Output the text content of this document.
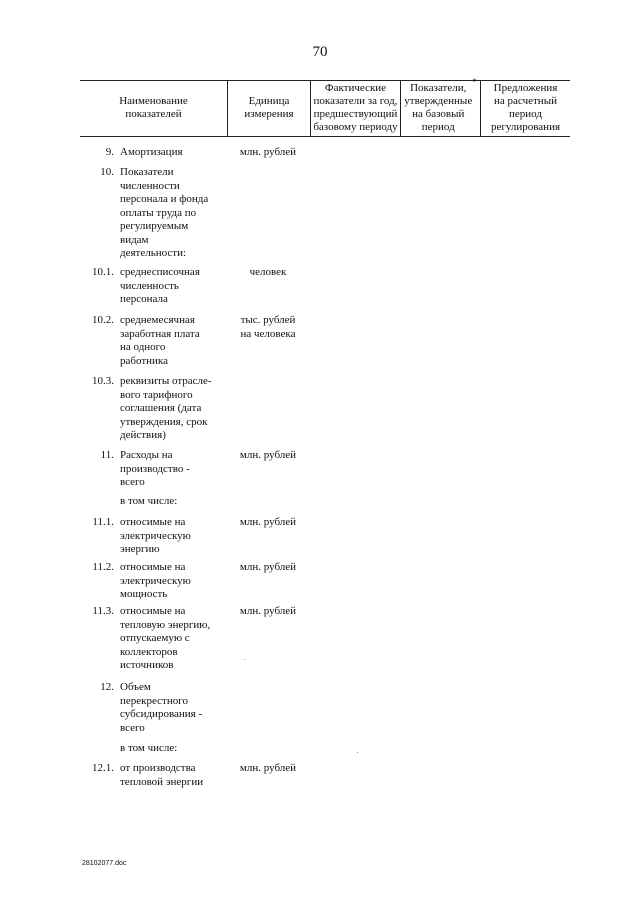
70
Наименование
показателей
Единица
измерения
Фактические
показатели за год,
предшествующий
базовому периоду
Показатели,
утвержденные
на базовый
период
*	Предложения
на расчетный
период
регулирования
9. Амортизация	млн. рублей
10. Показатели
численности
персонала и фонда
оплаты труда по
регулируемым
видам
деятельности:
10.1. среднесписочная
численность
персонала
человек
10.2. среднемесячная
заработная плата
на одного
работника
тыс. рублей
на человека
10.3. реквизиты отрасле-
вого тарифного
соглашения (дата
утверждения, срок
действия)
11. Расходы на
производство -
всего
млн. рублей
в том числе:
11.1. относимые на
электрическую
энергию
млн. рублей
11.2. относимые на
электрическую
мощность
млн. рублей
11.3. относимые на
тепловую энергию,
отпускаемую с
коллекторов
источников
млн. рублей
12. Объем
перекрестного
субсидирования -
всего
в том числе:
12.1. от производства
тепловой энергии
млн. рублей
28102077.doc
